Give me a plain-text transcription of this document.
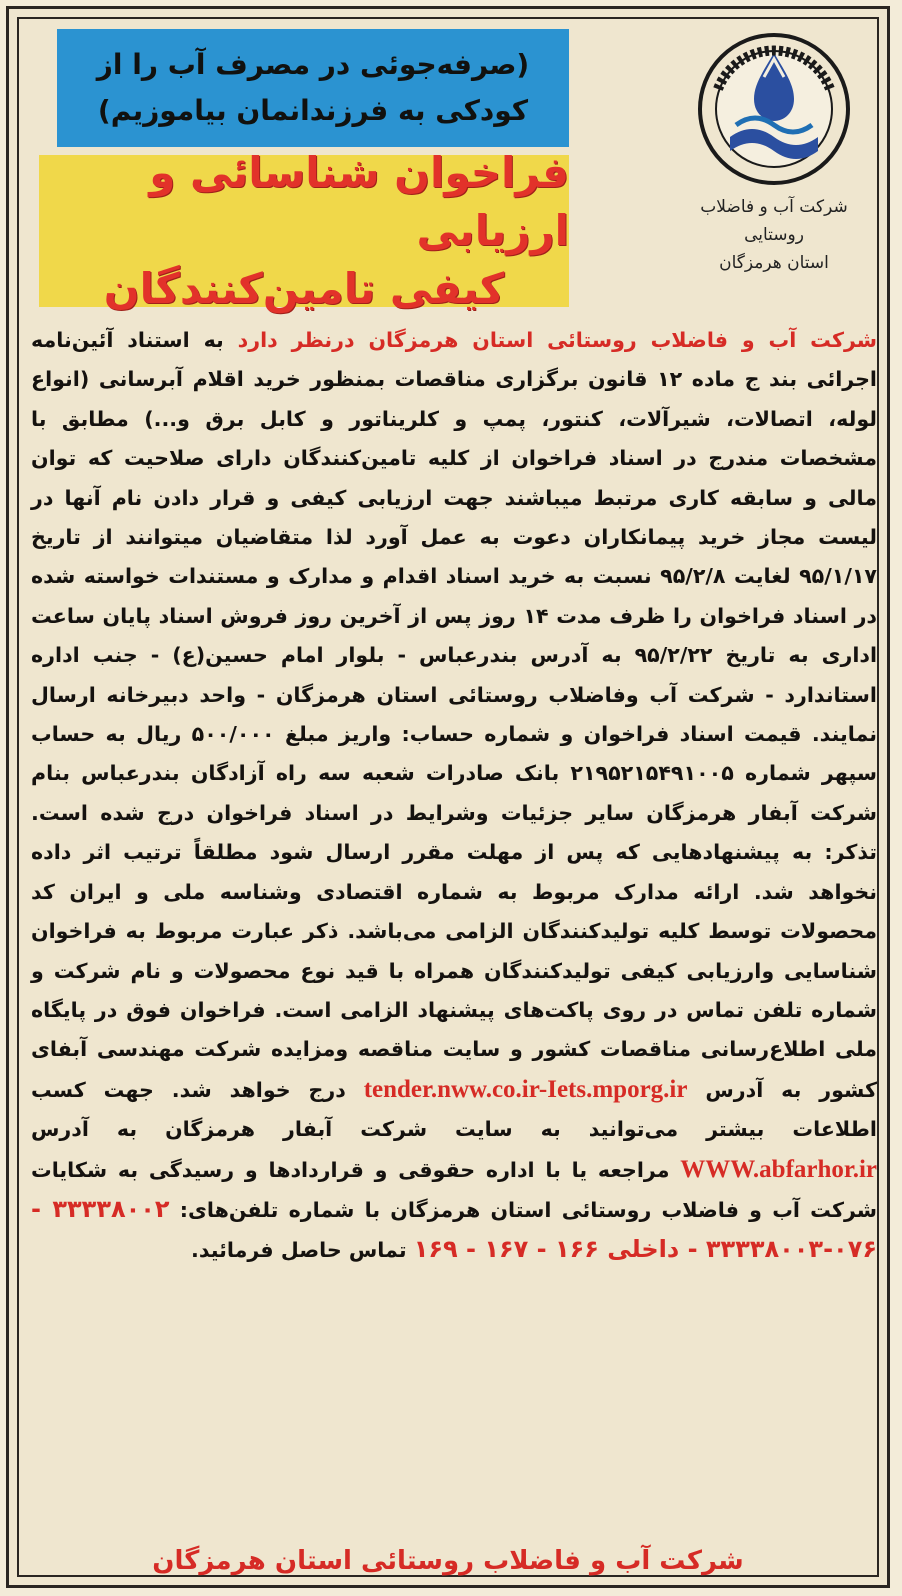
شرکت آب و فاضلاب روستایی
استان هرمزگان
(صرفه‌جوئی در مصرف آب را از
کودکی به فرزندانمان بیاموزیم)
فراخوان شناسائی و ارزیابی
کیفی تامین‌کنندگان
شرکت آب و فاضلاب روستائی استان هرمزگان درنظر دارد به استناد آئین‌نامه اجرائی بند ج ماده ۱۲ قانون برگزاری مناقصات بمنظور خرید اقلام آبرسانی (انواع لوله، اتصالات، شیرآلات، کنتور، پمپ و کلریناتور و کابل برق و...) مطابق با مشخصات مندرج در اسناد فراخوان از کلیه تامین‌کنندگان دارای صلاحیت که توان مالی و سابقه کاری مرتبط میباشند جهت ارزیابی کیفی و قرار دادن نام آنها در لیست مجاز خرید پیمانکاران دعوت به عمل آورد لذا متقاضیان میتوانند از تاریخ ۹۵/۱/۱۷ لغایت ۹۵/۲/۸ نسبت به خرید اسناد اقدام و مدارک و مستندات خواسته شده در اسناد فراخوان را ظرف مدت ۱۴ روز پس از آخرین روز فروش اسناد پایان ساعت اداری به تاریخ ۹۵/۲/۲۲ به آدرس بندرعباس - بلوار امام حسین(ع) - جنب اداره استاندارد - شرکت آب وفاضلاب روستائی استان هرمزگان - واحد دبیرخانه ارسال نمایند. قیمت اسناد فراخوان و شماره حساب: واریز مبلغ ۵۰۰/۰۰۰ ریال به حساب سپهر شماره ۲۱۹۵۲۱۵۴۹۱۰۰۵ بانک صادرات شعبه سه راه آزادگان بندرعباس بنام شرکت آبفار هرمزگان سایر جزئیات وشرایط در اسناد فراخوان درج شده است. تذکر: به پیشنهادهایی که پس از مهلت مقرر ارسال شود مطلقاً ترتیب اثر داده نخواهد شد. ارائه مدارک مربوط به شماره اقتصادی وشناسه ملی و ایران کد محصولات توسط کلیه تولیدکنندگان الزامی می‌باشد. ذکر عبارت مربوط به فراخوان شناسایی وارزیابی کیفی تولیدکنندگان همراه با قید نوع محصولات و نام شرکت و شماره تلفن تماس در روی پاکت‌های پیشنهاد الزامی است. فراخوان فوق در پایگاه ملی اطلاع‌رسانی مناقصات کشور و سایت مناقصه ومزایده شرکت مهندسی آبفای کشور به آدرس tender.nww.co.ir-Iets.mporg.ir درج خواهد شد. جهت کسب اطلاعات بیشتر می‌توانید به سایت شرکت آبفار هرمزگان به آدرس WWW.abfarhor.ir مراجعه یا با اداره حقوقی و قراردادها و رسیدگی به شکایات شرکت آب و فاضلاب روستائی استان هرمزگان با شماره تلفن‌های: ۳۳۳۳۸۰۰۲ - ۰۷۶-۳۳۳۳۸۰۰۳ - داخلی ۱۶۶ - ۱۶۷ - ۱۶۹ تماس حاصل فرمائید.
شرکت آب و فاضلاب روستائی استان هرمزگان
